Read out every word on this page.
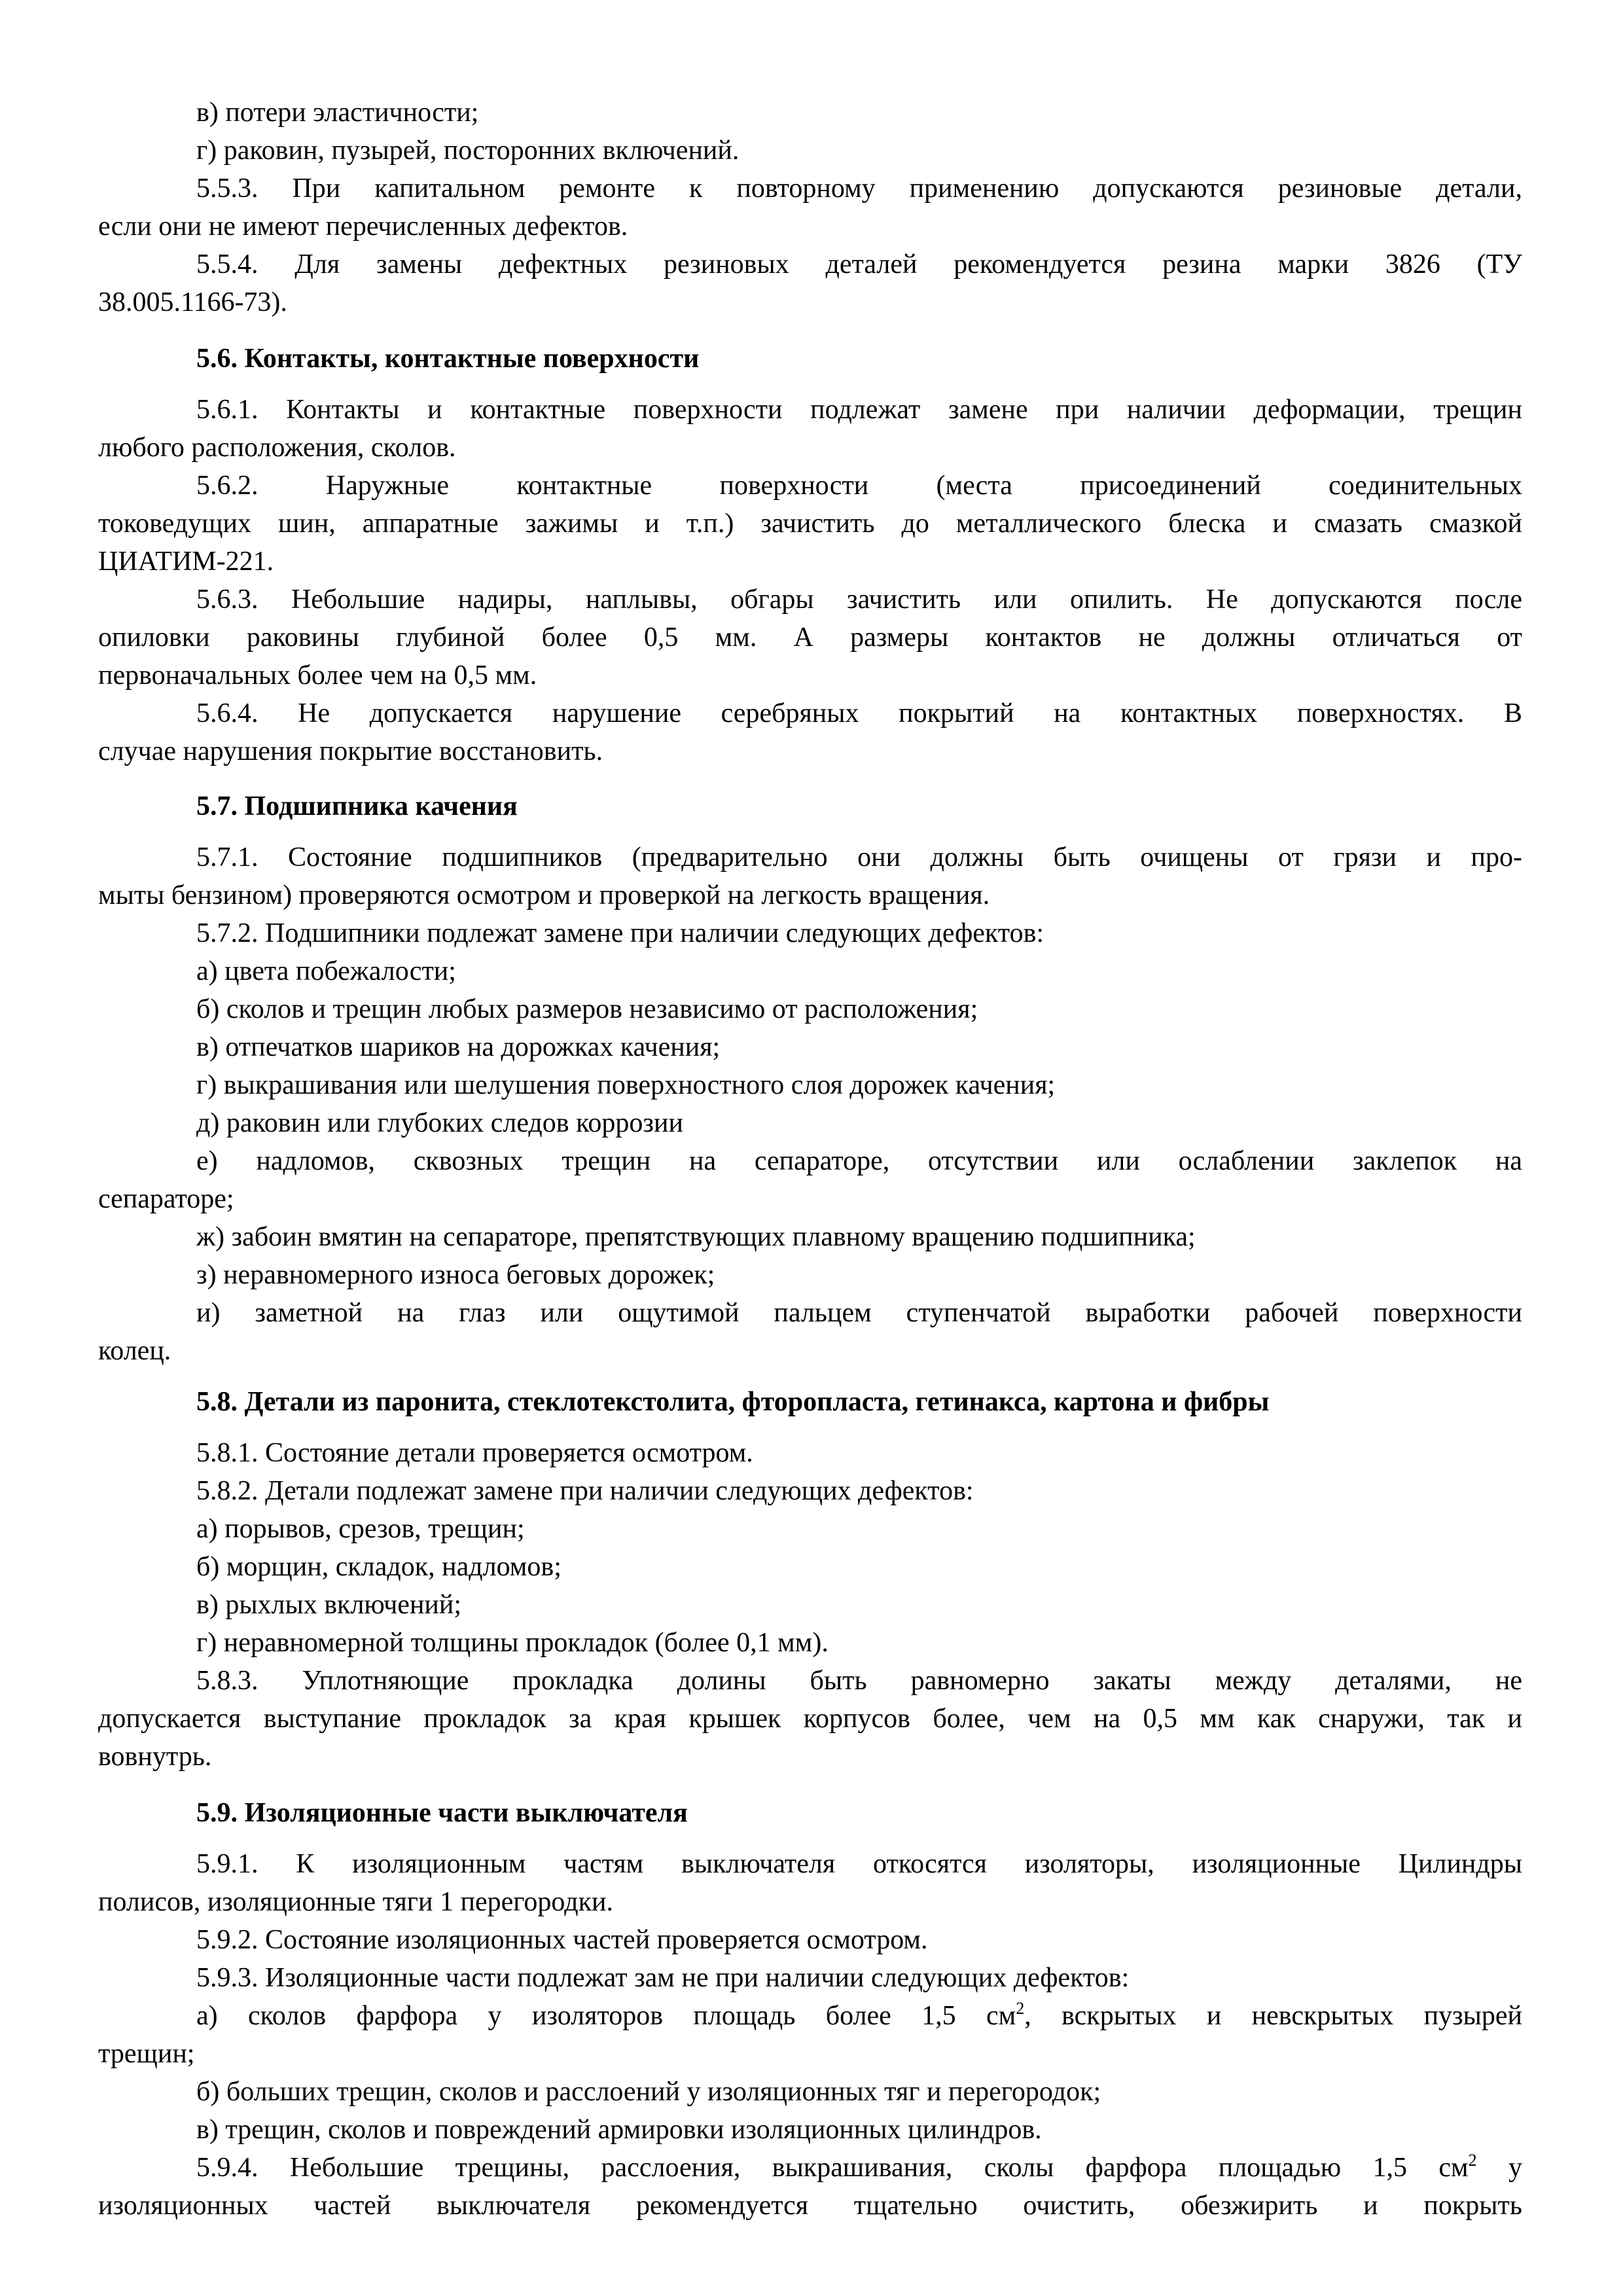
в) потери эластичности;

г) раковин, пузырей, посторонних включений.

5.5.3. При капитальном ремонте к повторному применению допускаются резиновые детали,

если они не имеют перечисленных дефектов.

5.5.4. Для замены дефектных резиновых деталей рекомендуется резина марки 3826 (ТУ

38.005.1166-73).

5.6. Контакты, контактные поверхности

5.6.1. Контакты и контактные поверхности подлежат замене при наличии деформации, трещин

любого расположения, сколов.

5.6.2. Наружные контактные поверхности (места присоединений соединительных

токоведущих шин, аппаратные зажимы и т.п.) зачистить до металлического блеска и смазать смазкой

ЦИАТИМ-221.

5.6.3. Небольшие надиры, наплывы, обгары зачистить или опилить. Не допускаются после

опиловки раковины глубиной более 0,5 мм. А размеры контактов не должны отличаться от

первоначальных более чем на 0,5 мм.

5.6.4. Не допускается нарушение серебряных покрытий на контактных поверхностях. В

случае нарушения покрытие восстановить.

5.7. Подшипника качения

5.7.1. Состояние подшипников (предварительно они должны быть очищены от грязи и про-

мыты бензином) проверяются осмотром и проверкой на легкость вращения.

5.7.2. Подшипники подлежат замене при наличии следующих дефектов:

а) цвета побежалости;

б) сколов и трещин любых размеров независимо от расположения;

в) отпечатков шариков на дорожках качения;

г) выкрашивания или шелушения поверхностного слоя дорожек качения;

д) раковин или глубоких следов коррозии

е) надломов, сквозных трещин на сепараторе, отсутствии или ослаблении заклепок на

сепараторе;

ж) забоин вмятин на сепараторе, препятствующих плавному вращению подшипника;

з) неравномерного износа беговых дорожек;

и) заметной на глаз или ощутимой пальцем ступенчатой выработки рабочей поверхности

колец.

5.8. Детали из паронита, стеклотекстолита, фторопласта, гетинакса, картона и фибры

5.8.1. Состояние детали проверяется осмотром.

5.8.2. Детали подлежат замене при наличии следующих дефектов:

а) порывов, срезов, трещин;

б) морщин, складок, надломов;

в) рыхлых включений;

г) неравномерной толщины прокладок (более 0,1 мм).

5.8.3. Уплотняющие прокладка долины быть равномерно закаты между деталями, не

допускается выступание прокладок за края крышек корпусов более, чем на 0,5 мм как снаружи, так и

вовнутрь.

5.9. Изоляционные части выключателя

5.9.1. К изоляционным частям выключателя откосятся изоляторы, изоляционные Цилиндры

полисов, изоляционные тяги 1 перегородки.

5.9.2. Состояние изоляционных частей проверяется осмотром.

5.9.3. Изоляционные части подлежат зам не при наличии следующих дефектов:

а) сколов фарфора у изоляторов площадь более 1,5 $см^2$, вскрытых и невскрытых пузырей

трещин;

б) больших трещин, сколов и расслоений у изоляционных тяг и перегородок;

в) трещин, сколов и повреждений армировки изоляционных цилиндров.

5.9.4. Небольшие трещины, расслоения, выкрашивания, сколы фарфора площадью 1,5 $см^2$ у

изоляционных частей выключателя рекомендуется тщательно очистить, обезжирить и покрыть
